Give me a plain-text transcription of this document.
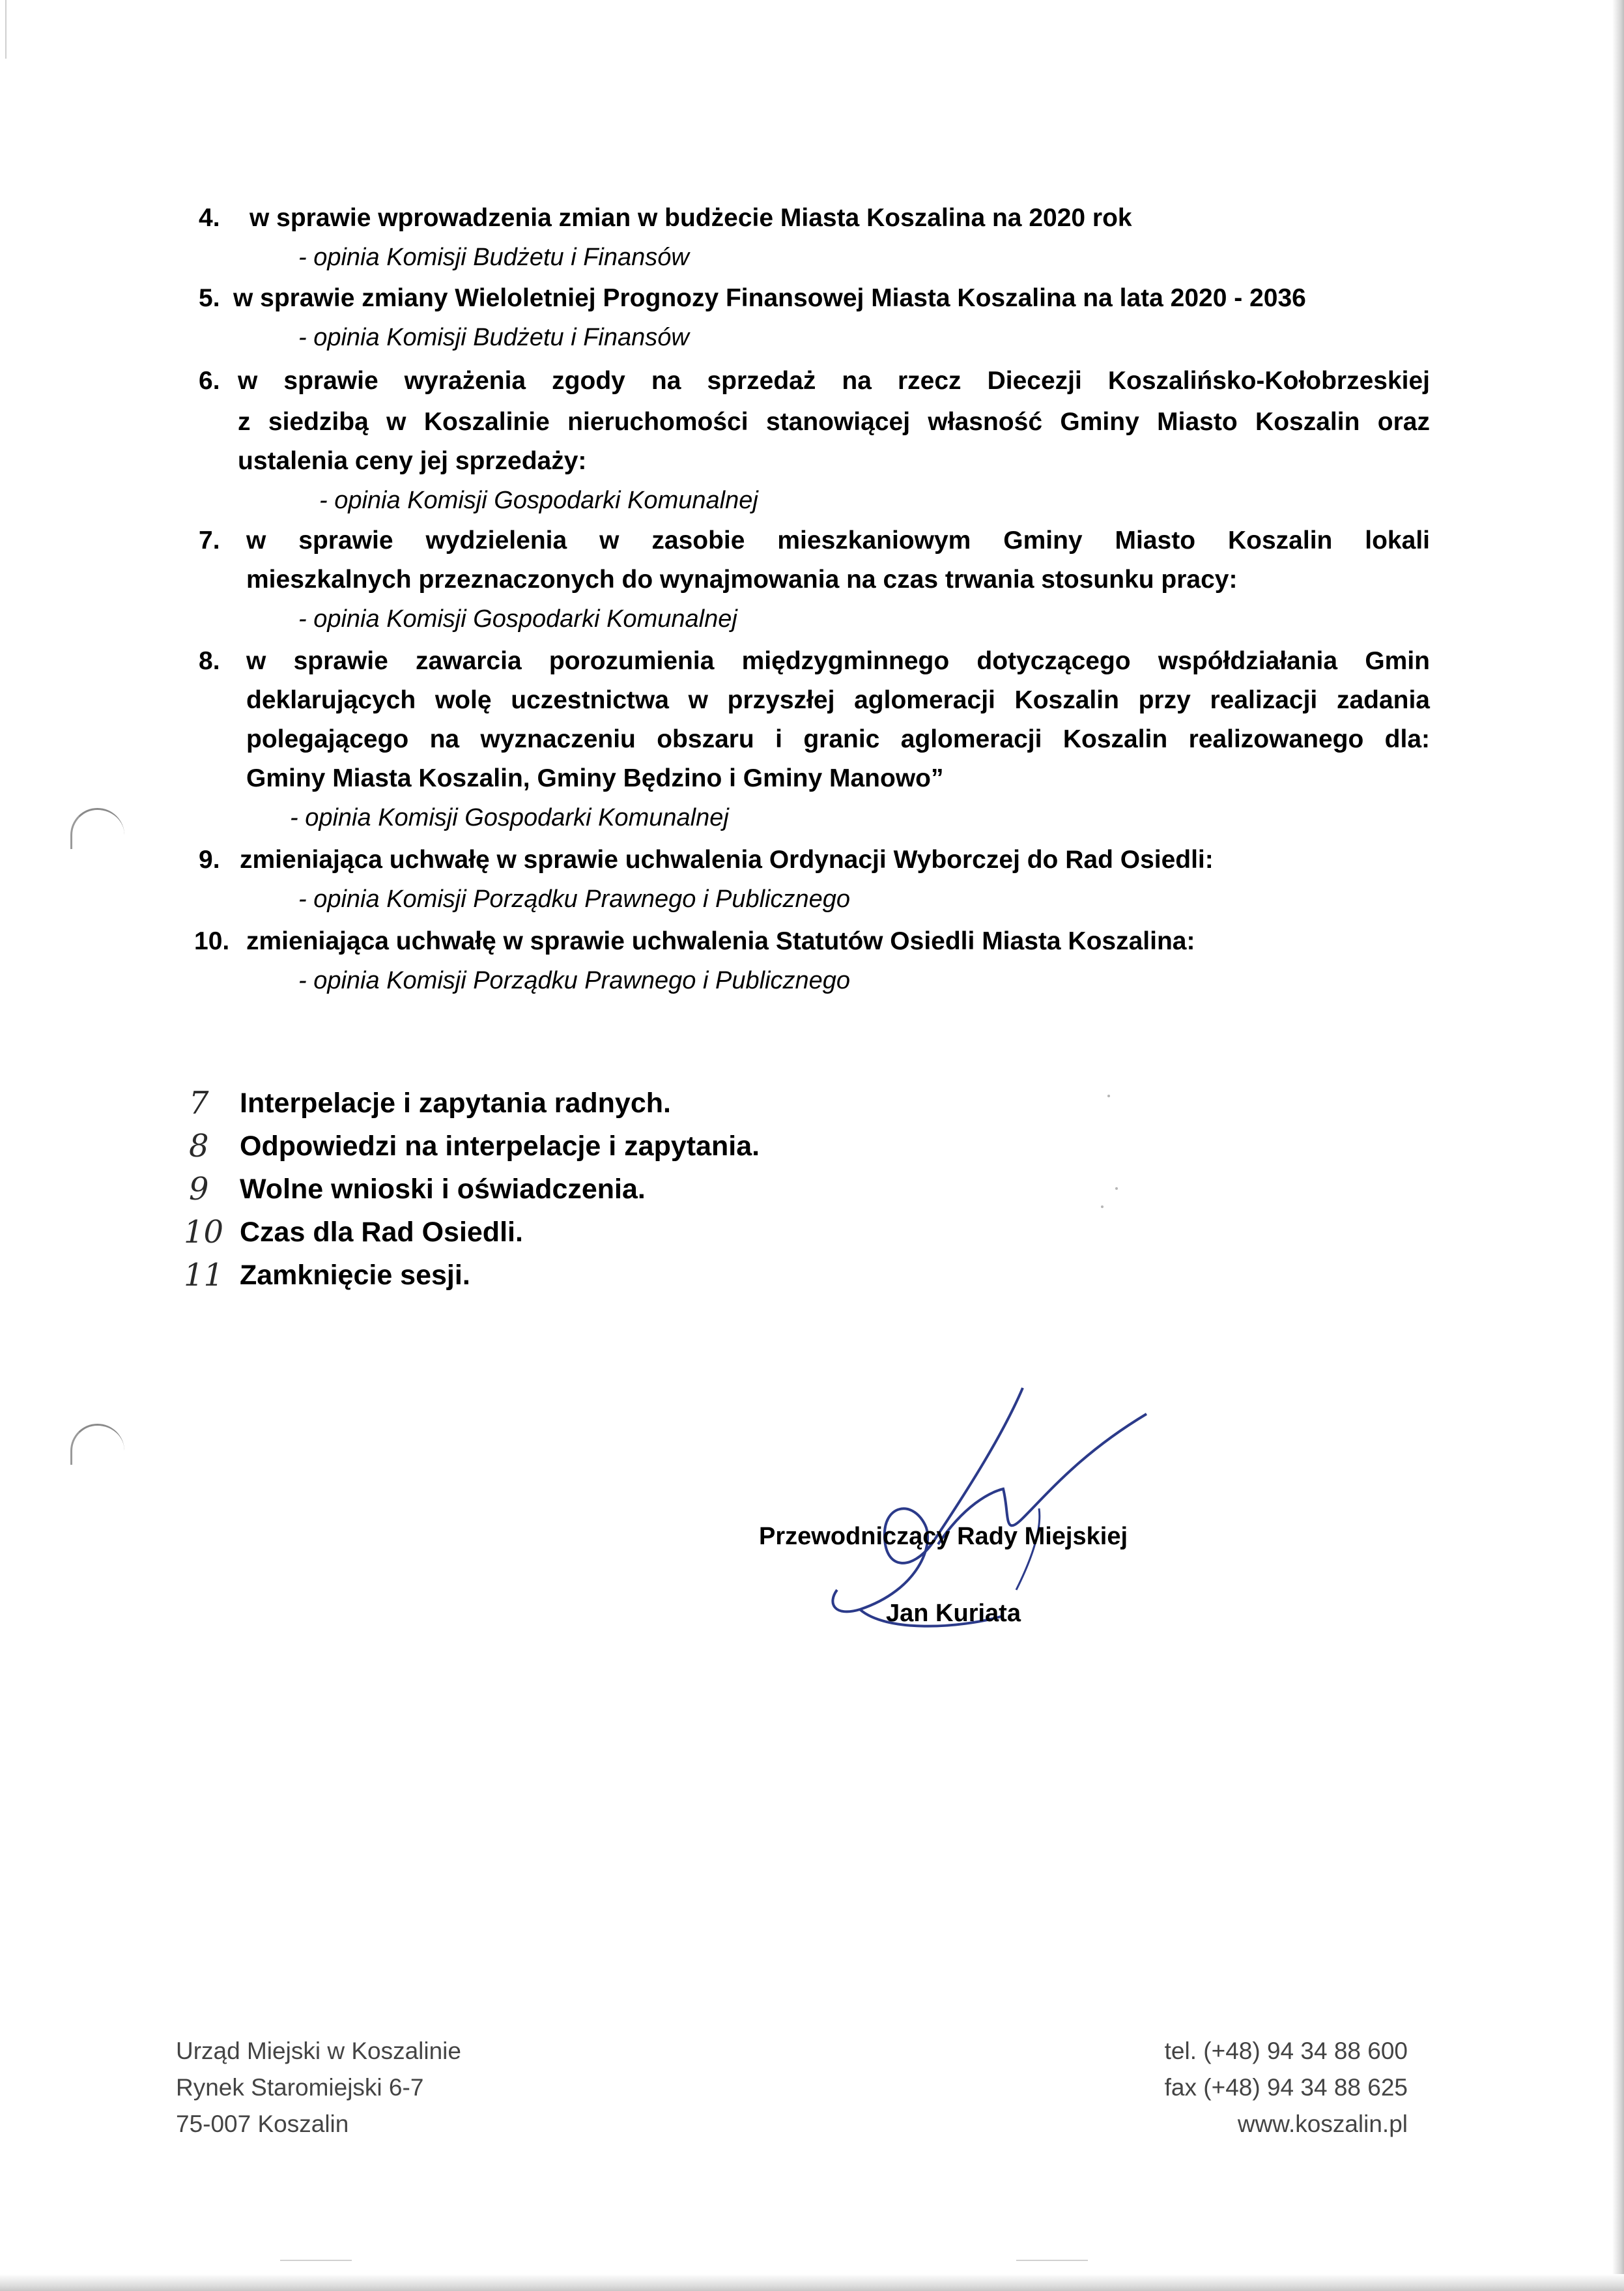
4. w sprawie wprowadzenia zmian w budżecie Miasta Koszalina na 2020 rok
- opinia Komisji Budżetu i Finansów
5. w sprawie zmiany Wieloletniej Prognozy Finansowej Miasta Koszalina na lata 2020 - 2036
- opinia Komisji Budżetu i Finansów
6. w sprawie wyrażenia zgody na sprzedaż na rzecz Diecezji Koszalińsko-Kołobrzeskiej
z siedzibą w Koszalinie nieruchomości stanowiącej własność Gminy Miasto Koszalin oraz
ustalenia ceny jej sprzedaży:
- opinia Komisji Gospodarki Komunalnej
7. w sprawie wydzielenia w zasobie mieszkaniowym Gminy Miasto Koszalin lokali
mieszkalnych przeznaczonych do wynajmowania na czas trwania stosunku pracy:
- opinia Komisji Gospodarki Komunalnej
8. w sprawie zawarcia porozumienia międzygminnego dotyczącego współdziałania Gmin
deklarujących wolę uczestnictwa w przyszłej aglomeracji Koszalin przy realizacji zadania
polegającego na wyznaczeniu obszaru i granic aglomeracji Koszalin realizowanego dla:
Gminy Miasta Koszalin, Gminy Będzino i Gminy Manowo”
- opinia Komisji Gospodarki Komunalnej
9. zmieniająca uchwałę w sprawie uchwalenia Ordynacji Wyborczej do Rad Osiedli:
- opinia Komisji Porządku Prawnego i Publicznego
10. zmieniająca uchwałę w sprawie uchwalenia Statutów Osiedli Miasta Koszalina:
- opinia Komisji Porządku Prawnego i Publicznego
7 Interpelacje i zapytania radnych.
8 Odpowiedzi na interpelacje i zapytania.
9 Wolne wnioski i oświadczenia.
10 Czas dla Rad Osiedli.
11 Zamknięcie sesji.
Przewodniczący Rady Miejskiej
Jan Kuriata
Urząd Miejski w Koszalinie
Rynek Staromiejski 6-7
75-007 Koszalin
tel. (+48) 94 34 88 600
fax (+48) 94 34 88 625
www.koszalin.pl
